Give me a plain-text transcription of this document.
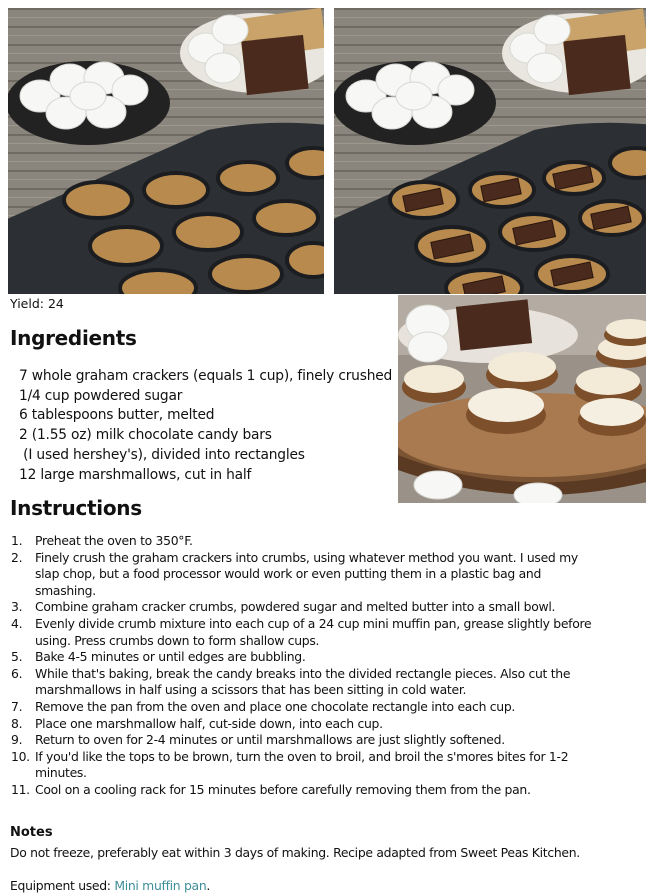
Yield: 24
Ingredients
7 whole graham crackers (equals 1 cup), finely crushed
1/4 cup powdered sugar
6 tablespoons butter, melted
2 (1.55 oz) milk chocolate candy bars
(I used hershey's), divided into rectangles
12 large marshmallows, cut in half
Instructions
1.	Preheat the oven to 350°F.
2.	Finely crush the graham crackers into crumbs, using whatever method you want. I used my slap chop, but a food processor would work or even putting them in a plastic bag and smashing.
3.	Combine graham cracker crumbs, powdered sugar and melted butter into a small bowl.
4.	Evenly divide crumb mixture into each cup of a 24 cup mini muffin pan, grease slightly before using. Press crumbs down to form shallow cups.
5.	Bake 4-5 minutes or until edges are bubbling.
6.	While that's baking, break the candy breaks into the divided rectangle pieces. Also cut the marshmallows in half using a scissors that has been sitting in cold water.
7.	Remove the pan from the oven and place one chocolate rectangle into each cup.
8.	Place one marshmallow half, cut-side down, into each cup.
9.	Return to oven for 2-4 minutes or until marshmallows are just slightly softened.
10. If you'd like the tops to be brown, turn the oven to broil, and broil the s'mores bites for 1-2 minutes.
11. Cool on a cooling rack for 15 minutes before carefully removing them from the pan.
Notes
Do not freeze, preferably eat within 3 days of making. Recipe adapted from Sweet Peas Kitchen.
Equipment used: Mini muffin pan.
